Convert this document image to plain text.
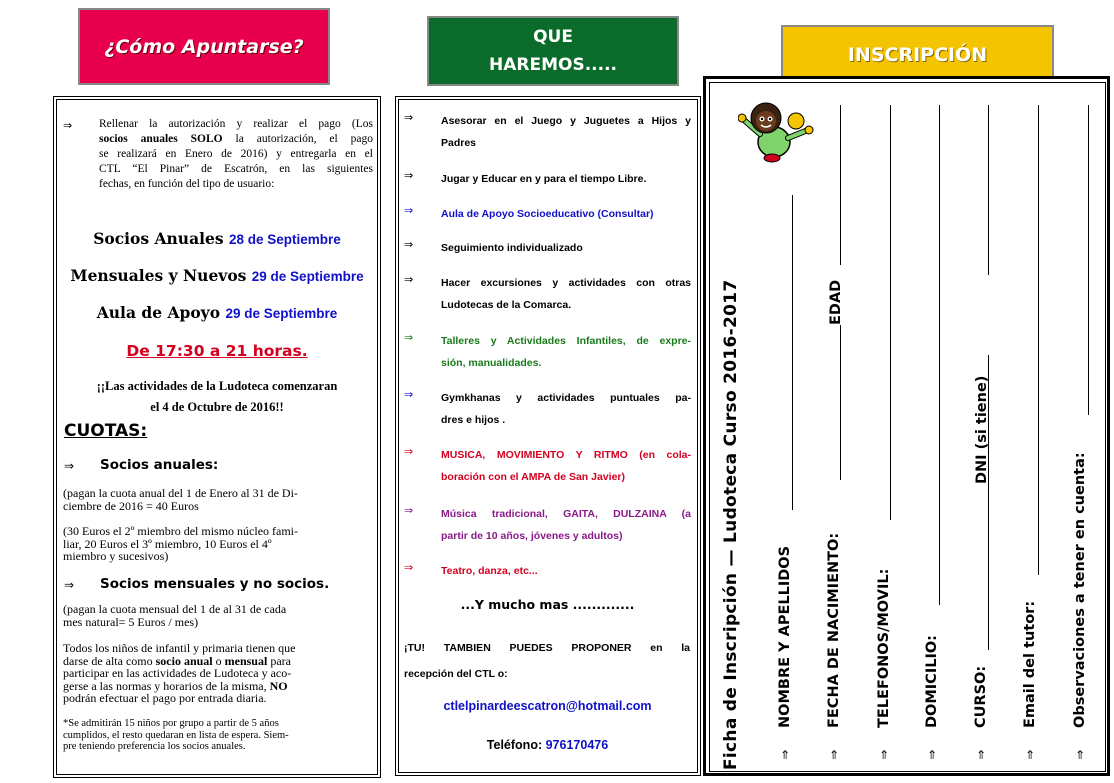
¿Cómo Apuntarse?
⇒ Rellenar la autorización y realizar el pago (Los
socios anuales SOLO la autorización, el pago
se realizará en Enero de 2016) y entregarla en el
CTL “El Pinar” de Escatrón, en las siguientes
fechas, en función del tipo de usuario:
Socios Anuales 28 de Septiembre
Mensuales y Nuevos 29 de Septiembre
Aula de Apoyo 29 de Septiembre
De 17:30 a 21 horas.
¡¡Las actividades de la Ludoteca comenzaran
el 4 de Octubre de 2016!!
CUOTAS:
⇒ Socios anuales:
(pagan la cuota anual del 1 de Enero al 31 de Di-
ciembre de 2016 = 40 Euros
(30 Euros el 2º miembro del mismo núcleo fami-
liar, 20 Euros el 3º miembro, 10 Euros el 4º
miembro y sucesivos)
⇒ Socios mensuales y no socios.
(pagan la cuota mensual del 1 de al 31 de cada
mes natural= 5 Euros / mes)
Todos los niños de infantil y primaria tienen que
darse de alta como socio anual o mensual para
participar en las actividades de Ludoteca y aco-
gerse a las normas y horarios de la misma, NO
podrán efectuar el pago por entrada diaria.
*Se admitirán 15 niños por grupo a partir de 5 años
cumplidos, el resto quedaran en lista de espera. Siem-
pre teniendo preferencia los socios anuales.
QUE
HAREMOS.....
⇒	Asesorar en el Juego y Juguetes a Hijos y
Padres
⇒	Jugar y Educar en y para el tiempo Libre.
⇒	Aula de Apoyo Socioeducativo (Consultar)
⇒	Seguimiento individualizado
⇒	Hacer excursiones y actividades con otras
Ludotecas de la Comarca.
⇒	Talleres y Actividades Infantiles, de expre-
sión, manualidades.
⇒	Gymkhanas y actividades puntuales pa-
dres e hijos .
⇒	MUSICA, MOVIMIENTO Y RITMO (en cola-
boración con el AMPA de San Javier)
⇒	Música tradicional, GAITA, DULZAINA (a
partir de 10 años, jóvenes y adultos)
⇒	Teatro, danza, etc...
...Y mucho mas .............
¡TU! TAMBIEN PUEDES PROPONER en la
recepción del CTL o:
ctlelpinardeescatron@hotmail.com
Teléfono: 976170476
INSCRIPCIÓN
Ficha de Inscripción — Ludoteca Curso 2016-2017 NOMBRE Y APELLIDOS
⇑
FECHA DE NACIMIENTO:
⇑
TELEFONOS/MOVIL:
⇑
DOMICILIO:
⇑
CURSO:
⇑
Email del tutor:
⇑
Observaciones a tener en cuenta:
⇑
EDAD
DNI (si tiene)
